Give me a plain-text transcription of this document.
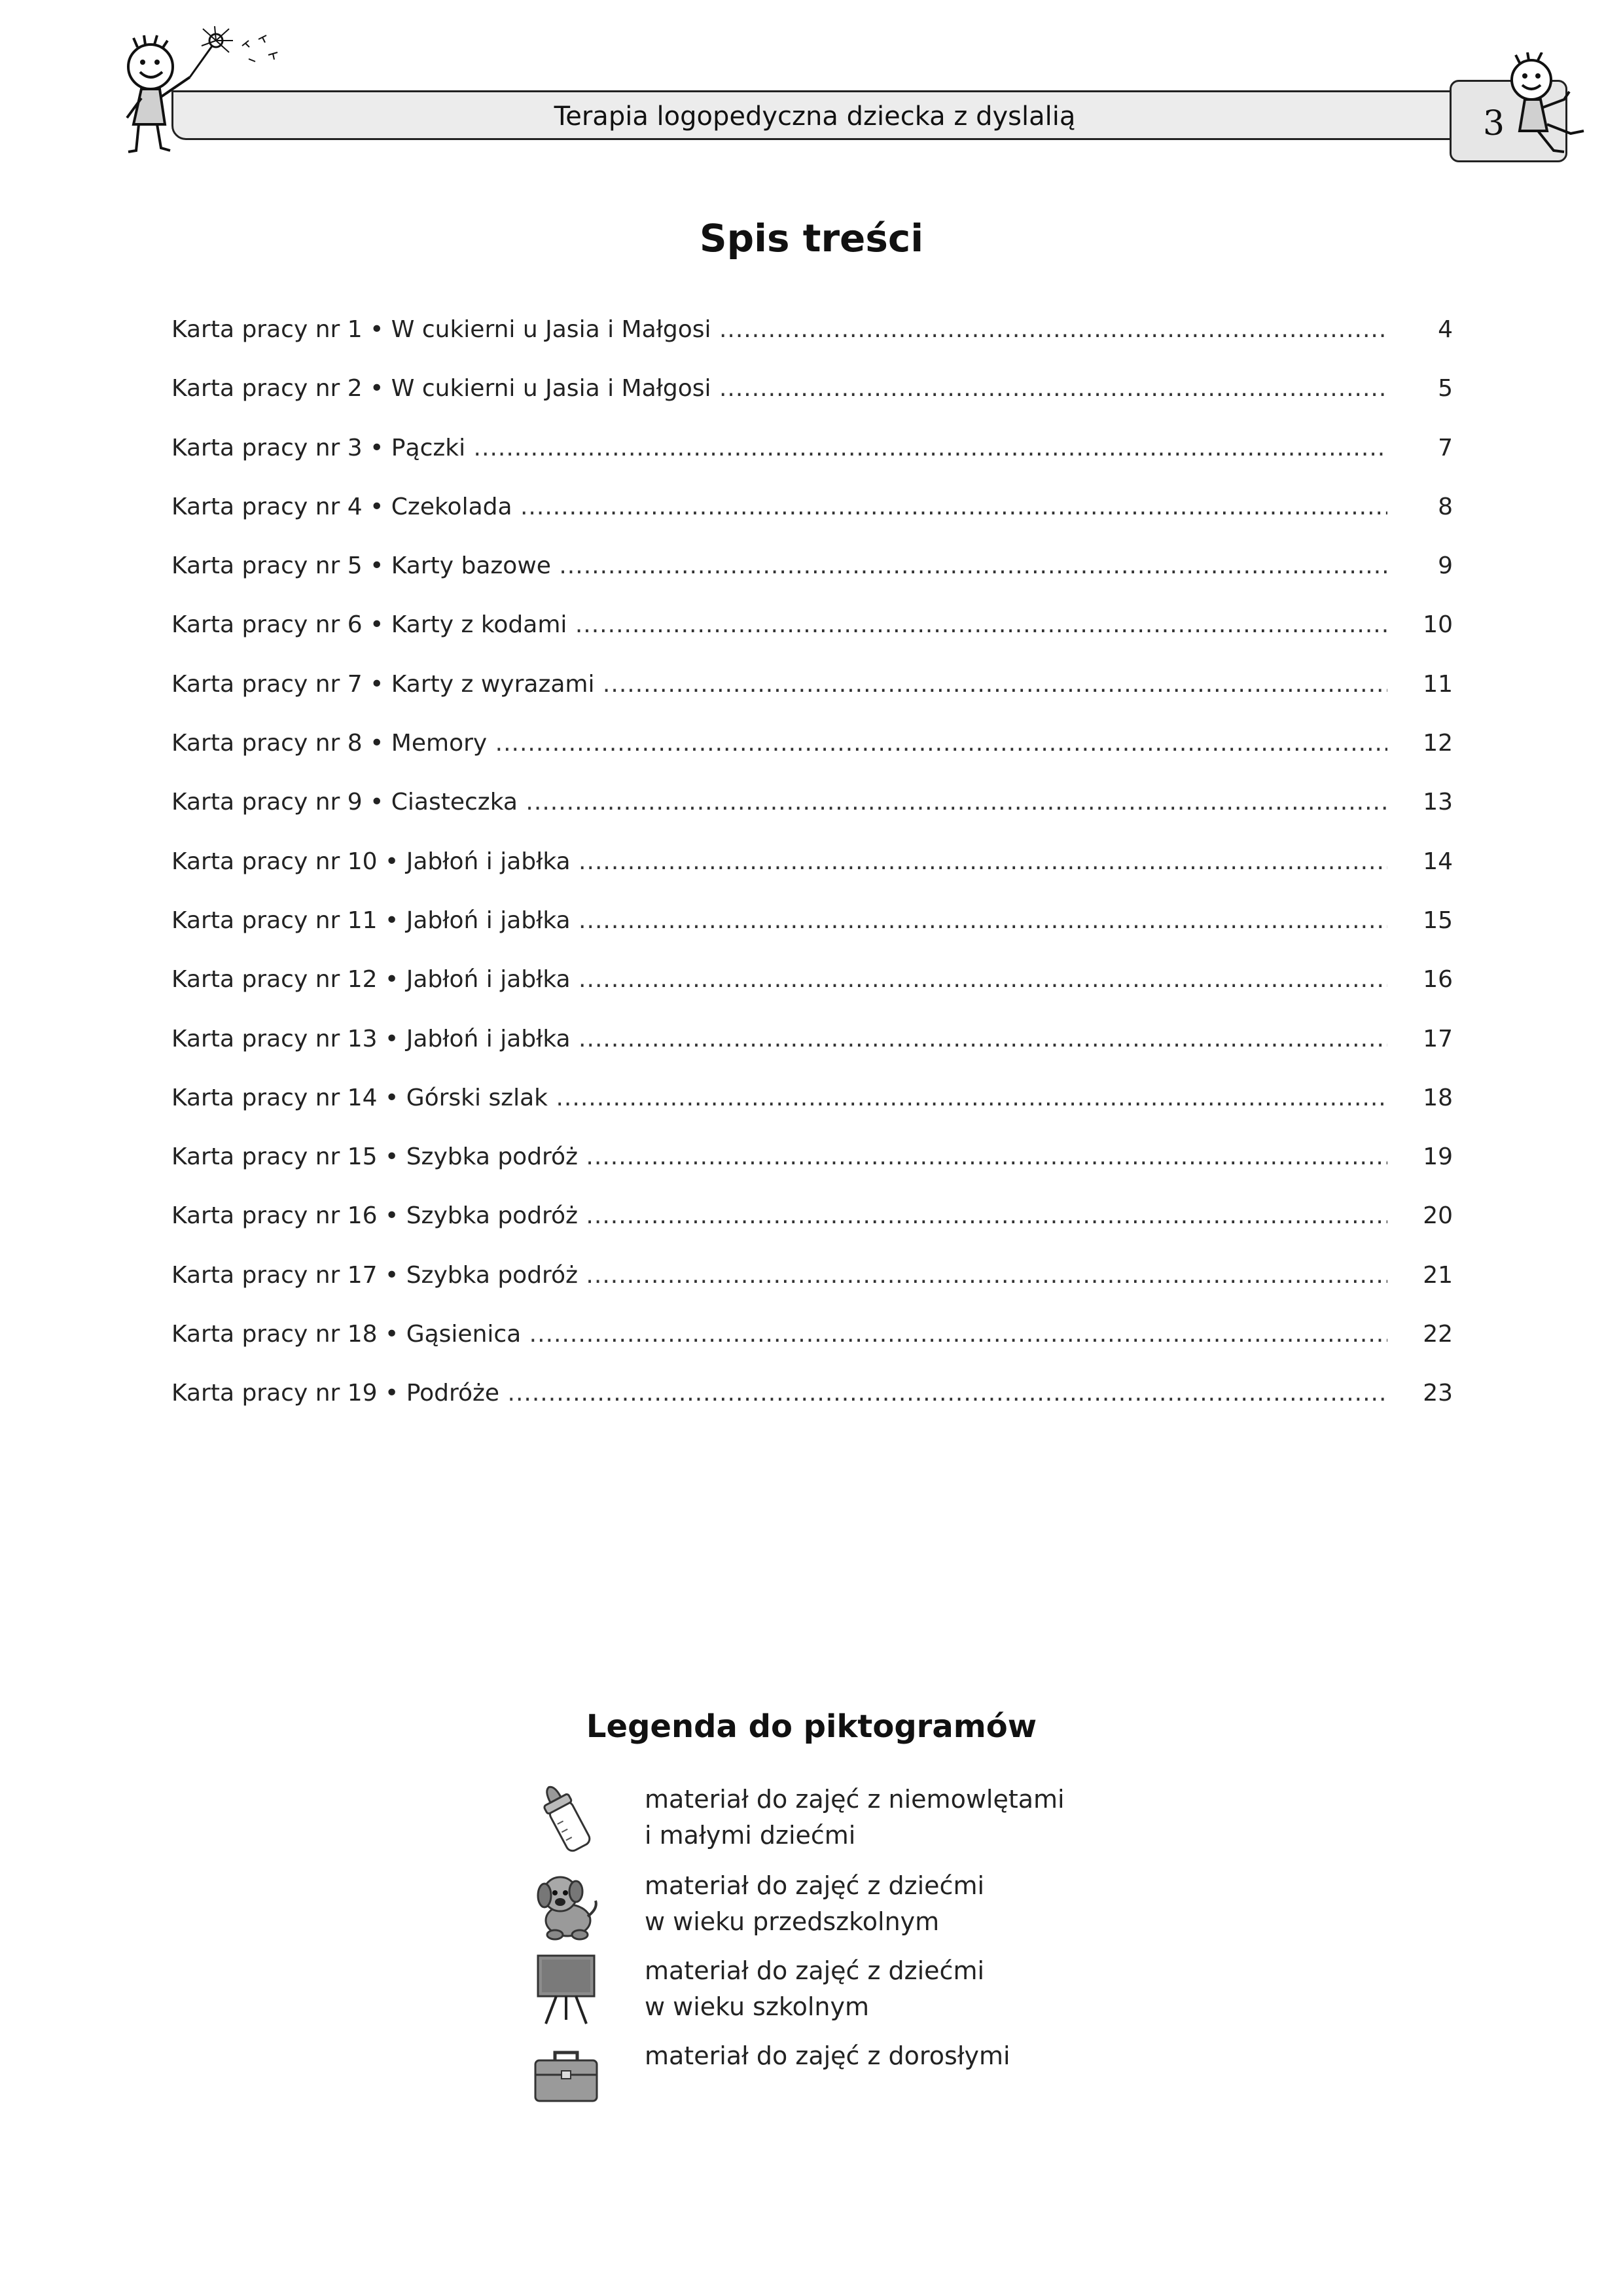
Terapia logopedyczna dziecka z dyslalią	3
Spis treści
Karta pracy nr 1 • W cukierni u Jasia i Małgosi .....	4
Karta pracy nr 2 • W cukierni u Jasia i Małgosi .....	5
Karta pracy nr 3 • Pączki .....	7
Karta pracy nr 4 • Czekolada .....	8
Karta pracy nr 5 • Karty bazowe .....	9
Karta pracy nr 6 • Karty z kodami .....	10
Karta pracy nr 7 • Karty z wyrazami .....	11
Karta pracy nr 8 • Memory .....	12
Karta pracy nr 9 • Ciasteczka .....	13
Karta pracy nr 10 • Jabłoń i jabłka .....	14
Karta pracy nr 11 • Jabłoń i jabłka .....	15
Karta pracy nr 12 • Jabłoń i jabłka .....	16
Karta pracy nr 13 • Jabłoń i jabłka .....	17
Karta pracy nr 14 • Górski szlak .....	18
Karta pracy nr 15 • Szybka podróż .....	19
Karta pracy nr 16 • Szybka podróż .....	20
Karta pracy nr 17 • Szybka podróż .....	21
Karta pracy nr 18 • Gąsienica .....	22
Karta pracy nr 19 • Podróże .....	23
Legenda do piktogramów
materiał do zajęć z niemowlętami
i małymi dziećmi
materiał do zajęć z dziećmi
w wieku przedszkolnym
materiał do zajęć z dziećmi
w wieku szkolnym
materiał do zajęć z dorosłymi
